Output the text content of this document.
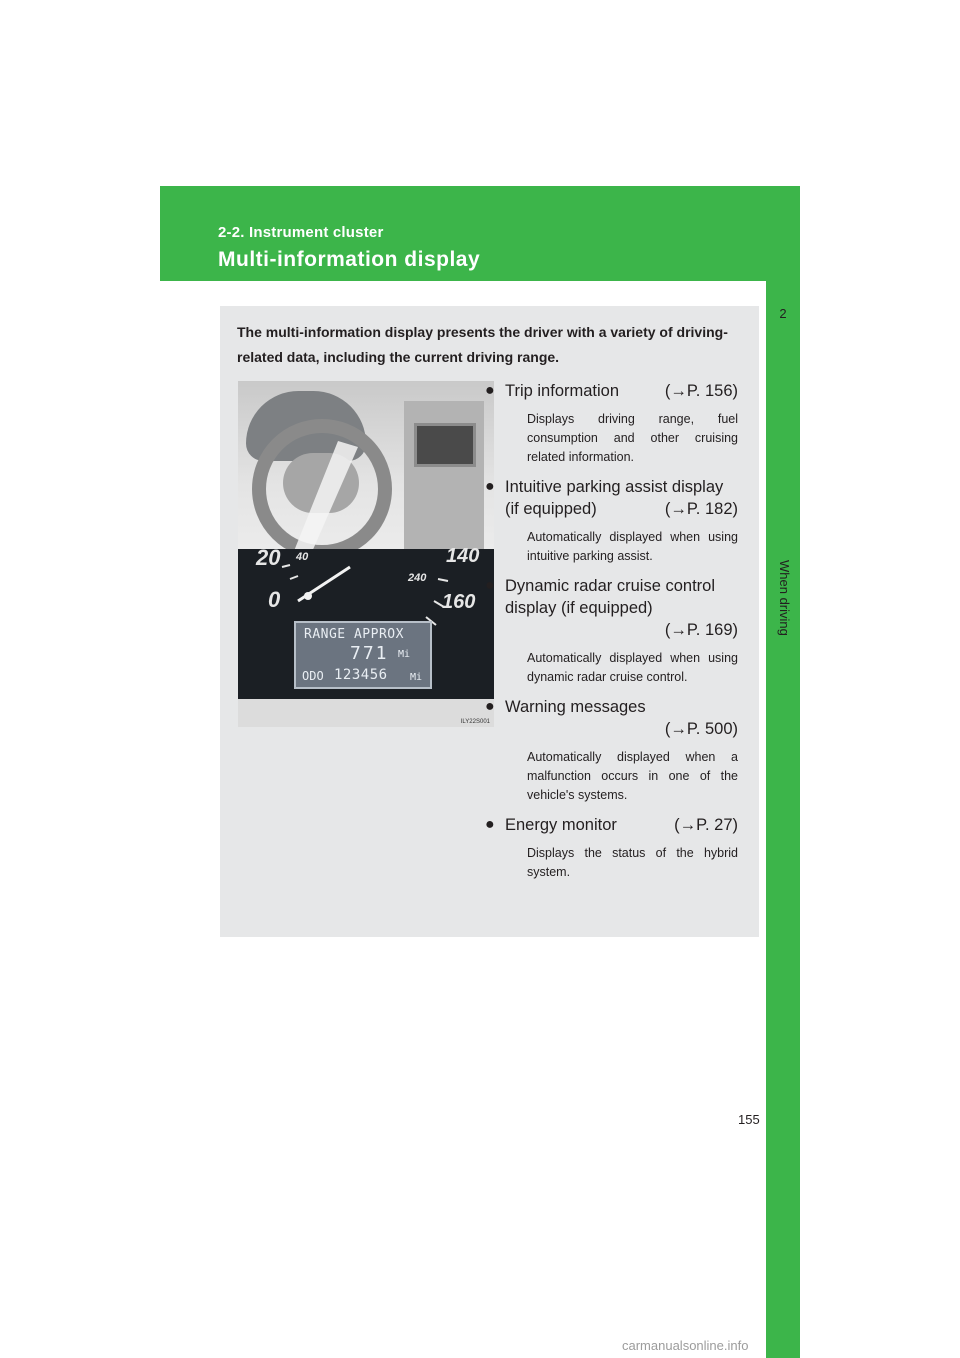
2-2. Instrument cluster
Multi-information display
2
When driving
The multi-information display presents the driver with a variety of driving-related data, including the current driving range.
20 40
0
140
240
160
RANGE APPROX
771 Mi
ODO 123456 Mi
ILY22S001
● Trip information	(→P. 156)
Displays driving range, fuel consumption and other cruising related information.
● Intuitive parking assist display (if equipped)	(→P. 182)
Automatically displayed when using intuitive parking assist.
● Dynamic radar cruise control display (if equipped)
(→P. 169)
Automatically displayed when using dynamic radar cruise control.
● Warning messages
(→P. 500)
Automatically displayed when a malfunction occurs in one of the vehicle's systems.
● Energy monitor	(→P. 27)
Displays the status of the hybrid system.
155
carmanualsonline.info
